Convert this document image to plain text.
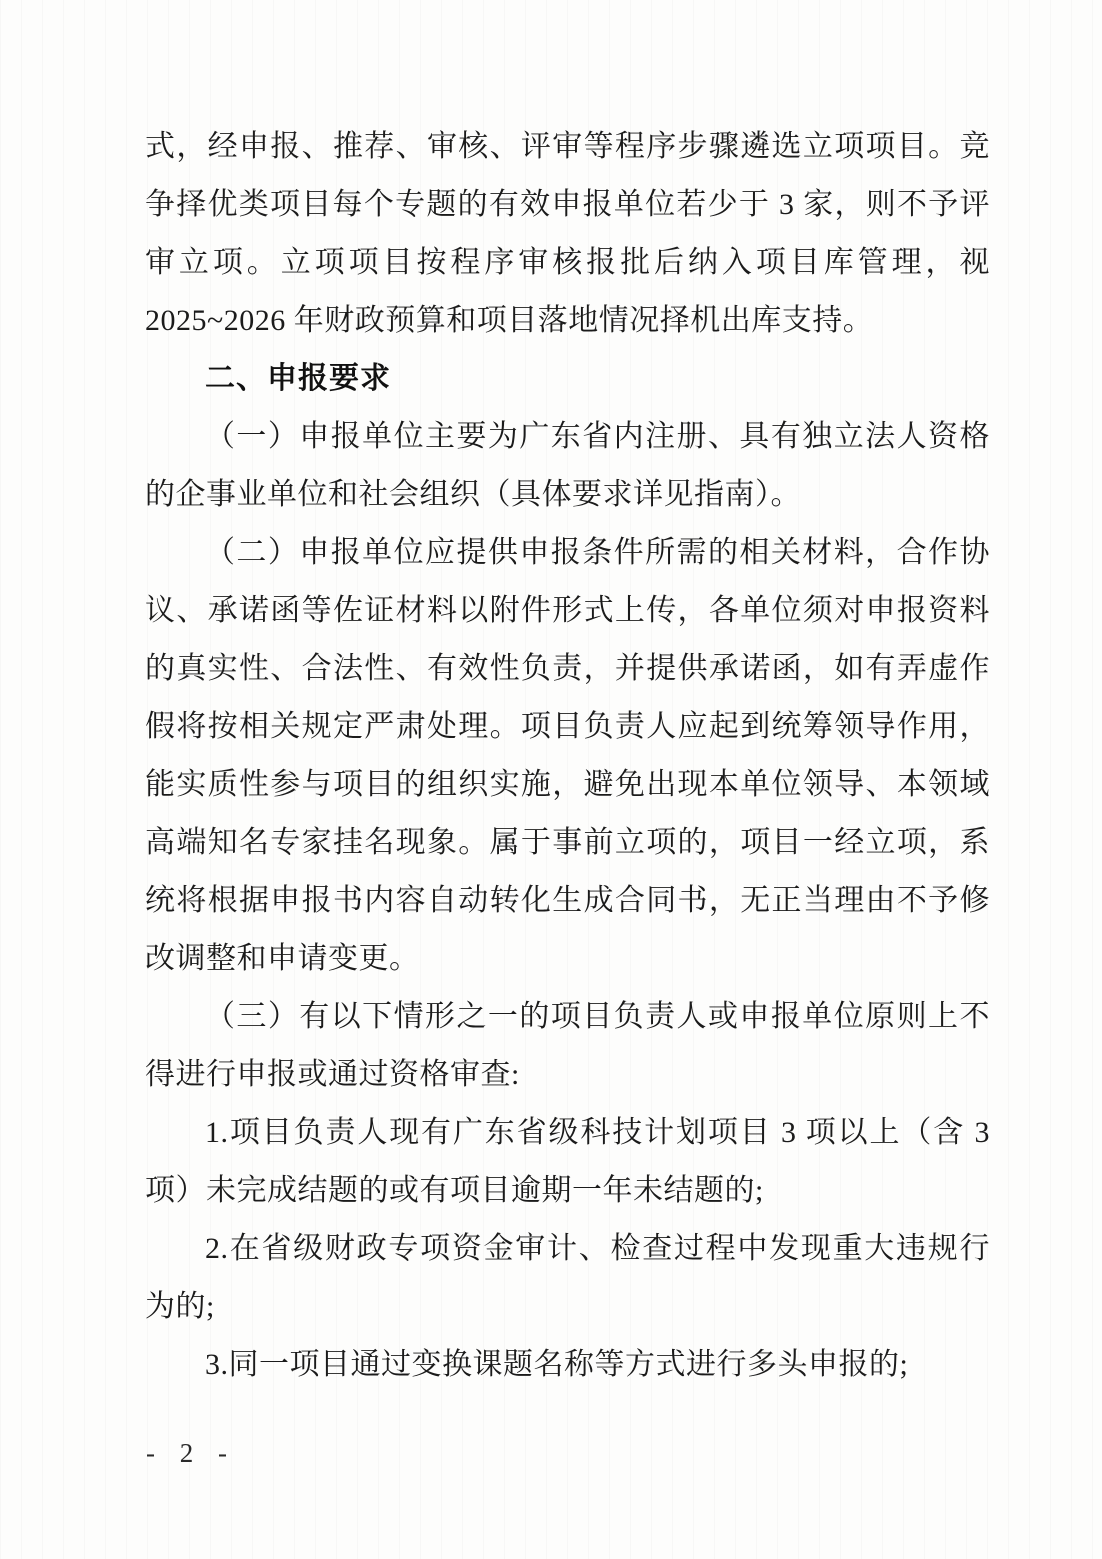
式，经申报、推荐、审核、评审等程序步骤遴选立项项目。竞争择优类项目每个专题的有效申报单位若少于 3 家，则不予评审立项。立项项目按程序审核报批后纳入项目库管理，视 2025~2026 年财政预算和项目落地情况择机出库支持。

二、申报要求

（一）申报单位主要为广东省内注册、具有独立法人资格的企事业单位和社会组织（具体要求详见指南）。

（二）申报单位应提供申报条件所需的相关材料，合作协议、承诺函等佐证材料以附件形式上传，各单位须对申报资料的真实性、合法性、有效性负责，并提供承诺函，如有弄虚作假将按相关规定严肃处理。项目负责人应起到统筹领导作用，能实质性参与项目的组织实施，避免出现本单位领导、本领域高端知名专家挂名现象。属于事前立项的，项目一经立项，系统将根据申报书内容自动转化生成合同书，无正当理由不予修改调整和申请变更。

（三）有以下情形之一的项目负责人或申报单位原则上不得进行申报或通过资格审查:

1.项目负责人现有广东省级科技计划项目 3 项以上（含 3 项）未完成结题的或有项目逾期一年未结题的;

2.在省级财政专项资金审计、检查过程中发现重大违规行为的;

3.同一项目通过变换课题名称等方式进行多头申报的;

- 2 -
